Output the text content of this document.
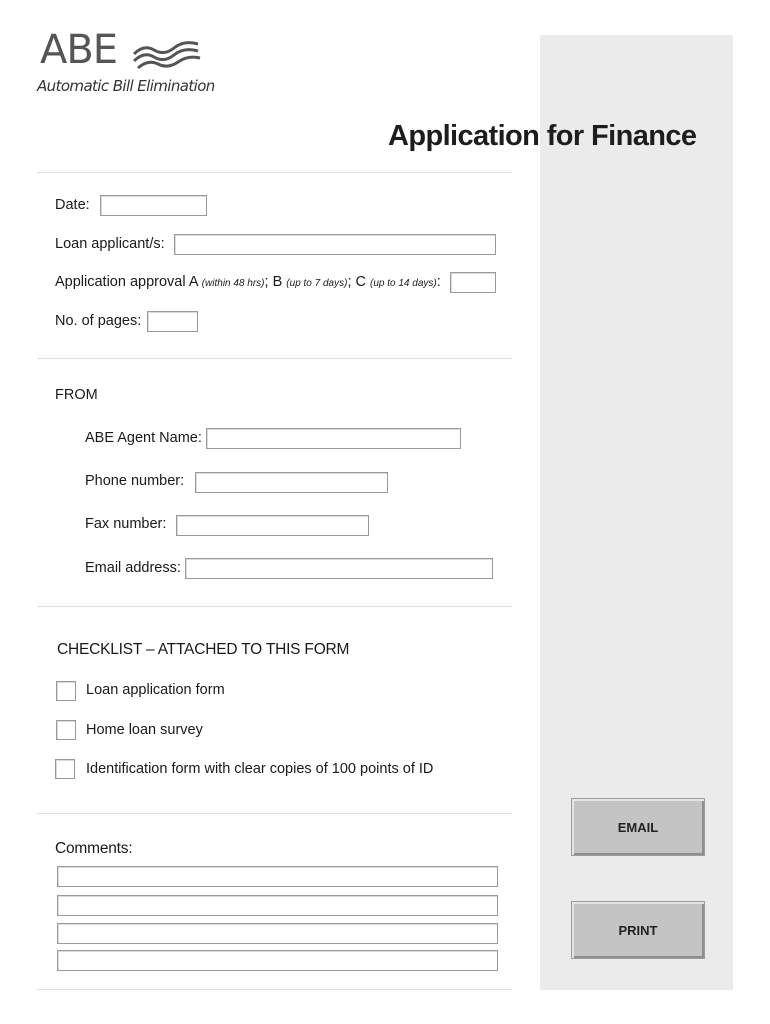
ABE
Automatic Bill Elimination
Application for Finance
Date:
Loan applicant/s:
Application approval A (within 48 hrs); B (up to 7 days); C (up to 14 days):
No. of pages:
FROM
ABE Agent Name:
Phone number:
Fax number:
Email address:
CHECKLIST – ATTACHED TO THIS FORM
Loan application form
Home loan survey
Identification form with clear copies of 100 points of ID
Comments:
EMAIL
PRINT
